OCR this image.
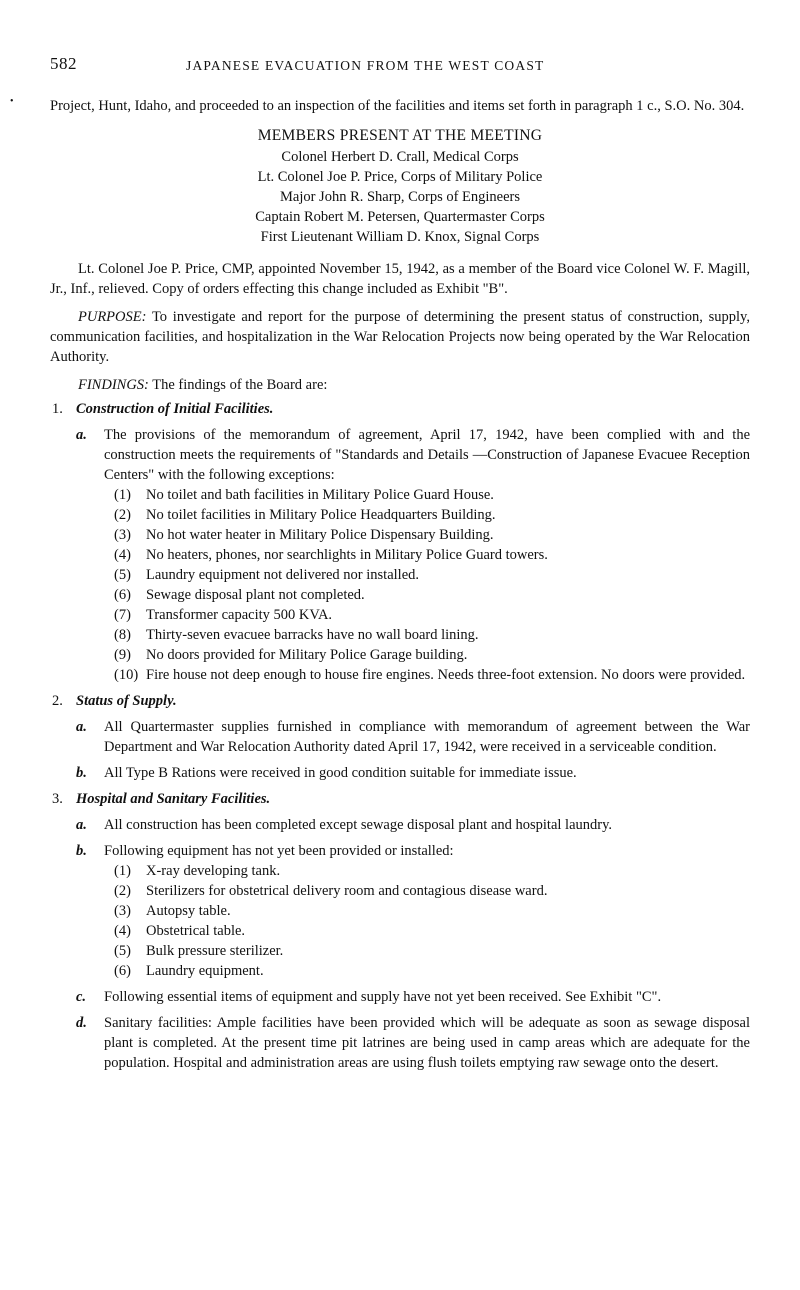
582	JAPANESE EVACUATION FROM THE WEST COAST
•	Project, Hunt, Idaho, and proceeded to an inspection of the facilities and items set forth in paragraph 1 c., S.O. No. 304.

MEMBERS PRESENT AT THE MEETING
Colonel Herbert D. Crall, Medical Corps
Lt. Colonel Joe P. Price, Corps of Military Police
Major John R. Sharp, Corps of Engineers
Captain Robert M. Petersen, Quartermaster Corps
First Lieutenant William D. Knox, Signal Corps

Lt. Colonel Joe P. Price, CMP, appointed November 15, 1942, as a member of the Board vice Colonel W. F. Magill, Jr., Inf., relieved. Copy of orders effecting this change included as Exhibit "B".

PURPOSE: To investigate and report for the purpose of determining the present status of construction, supply, communication facilities, and hospitalization in the War Relocation Projects now being operated by the War Relocation Authority.

FINDINGS: The findings of the Board are:

1. Construction of Initial Facilities.
a. The provisions of the memorandum of agreement, April 17, 1942, have been complied with and the construction meets the requirements of "Standards and Details —Construction of Japanese Evacuee Reception Centers" with the following exceptions:
(1) No toilet and bath facilities in Military Police Guard House.
(2) No toilet facilities in Military Police Headquarters Building.
(3) No hot water heater in Military Police Dispensary Building.
(4) No heaters, phones, nor searchlights in Military Police Guard towers.
(5) Laundry equipment not delivered nor installed.
(6) Sewage disposal plant not completed.
(7) Transformer capacity 500 KVA.
(8) Thirty-seven evacuee barracks have no wall board lining.
(9) No doors provided for Military Police Garage building.
(10) Fire house not deep enough to house fire engines. Needs three-foot extension. No doors were provided.
2. Status of Supply.
a. All Quartermaster supplies furnished in compliance with memorandum of agreement between the War Department and War Relocation Authority dated April 17, 1942, were received in a serviceable condition.
b. All Type B Rations were received in good condition suitable for immediate issue.
3. Hospital and Sanitary Facilities.
a. All construction has been completed except sewage disposal plant and hospital laundry.
b. Following equipment has not yet been provided or installed:
(1) X-ray developing tank.
(2) Sterilizers for obstetrical delivery room and contagious disease ward.
(3) Autopsy table.
(4) Obstetrical table.
(5) Bulk pressure sterilizer.
(6) Laundry equipment.
c. Following essential items of equipment and supply have not yet been received. See Exhibit "C".
d. Sanitary facilities: Ample facilities have been provided which will be adequate as soon as sewage disposal plant is completed. At the present time pit latrines are being used in camp areas which are adequate for the population. Hospital and administration areas are using flush toilets emptying raw sewage onto the desert.
